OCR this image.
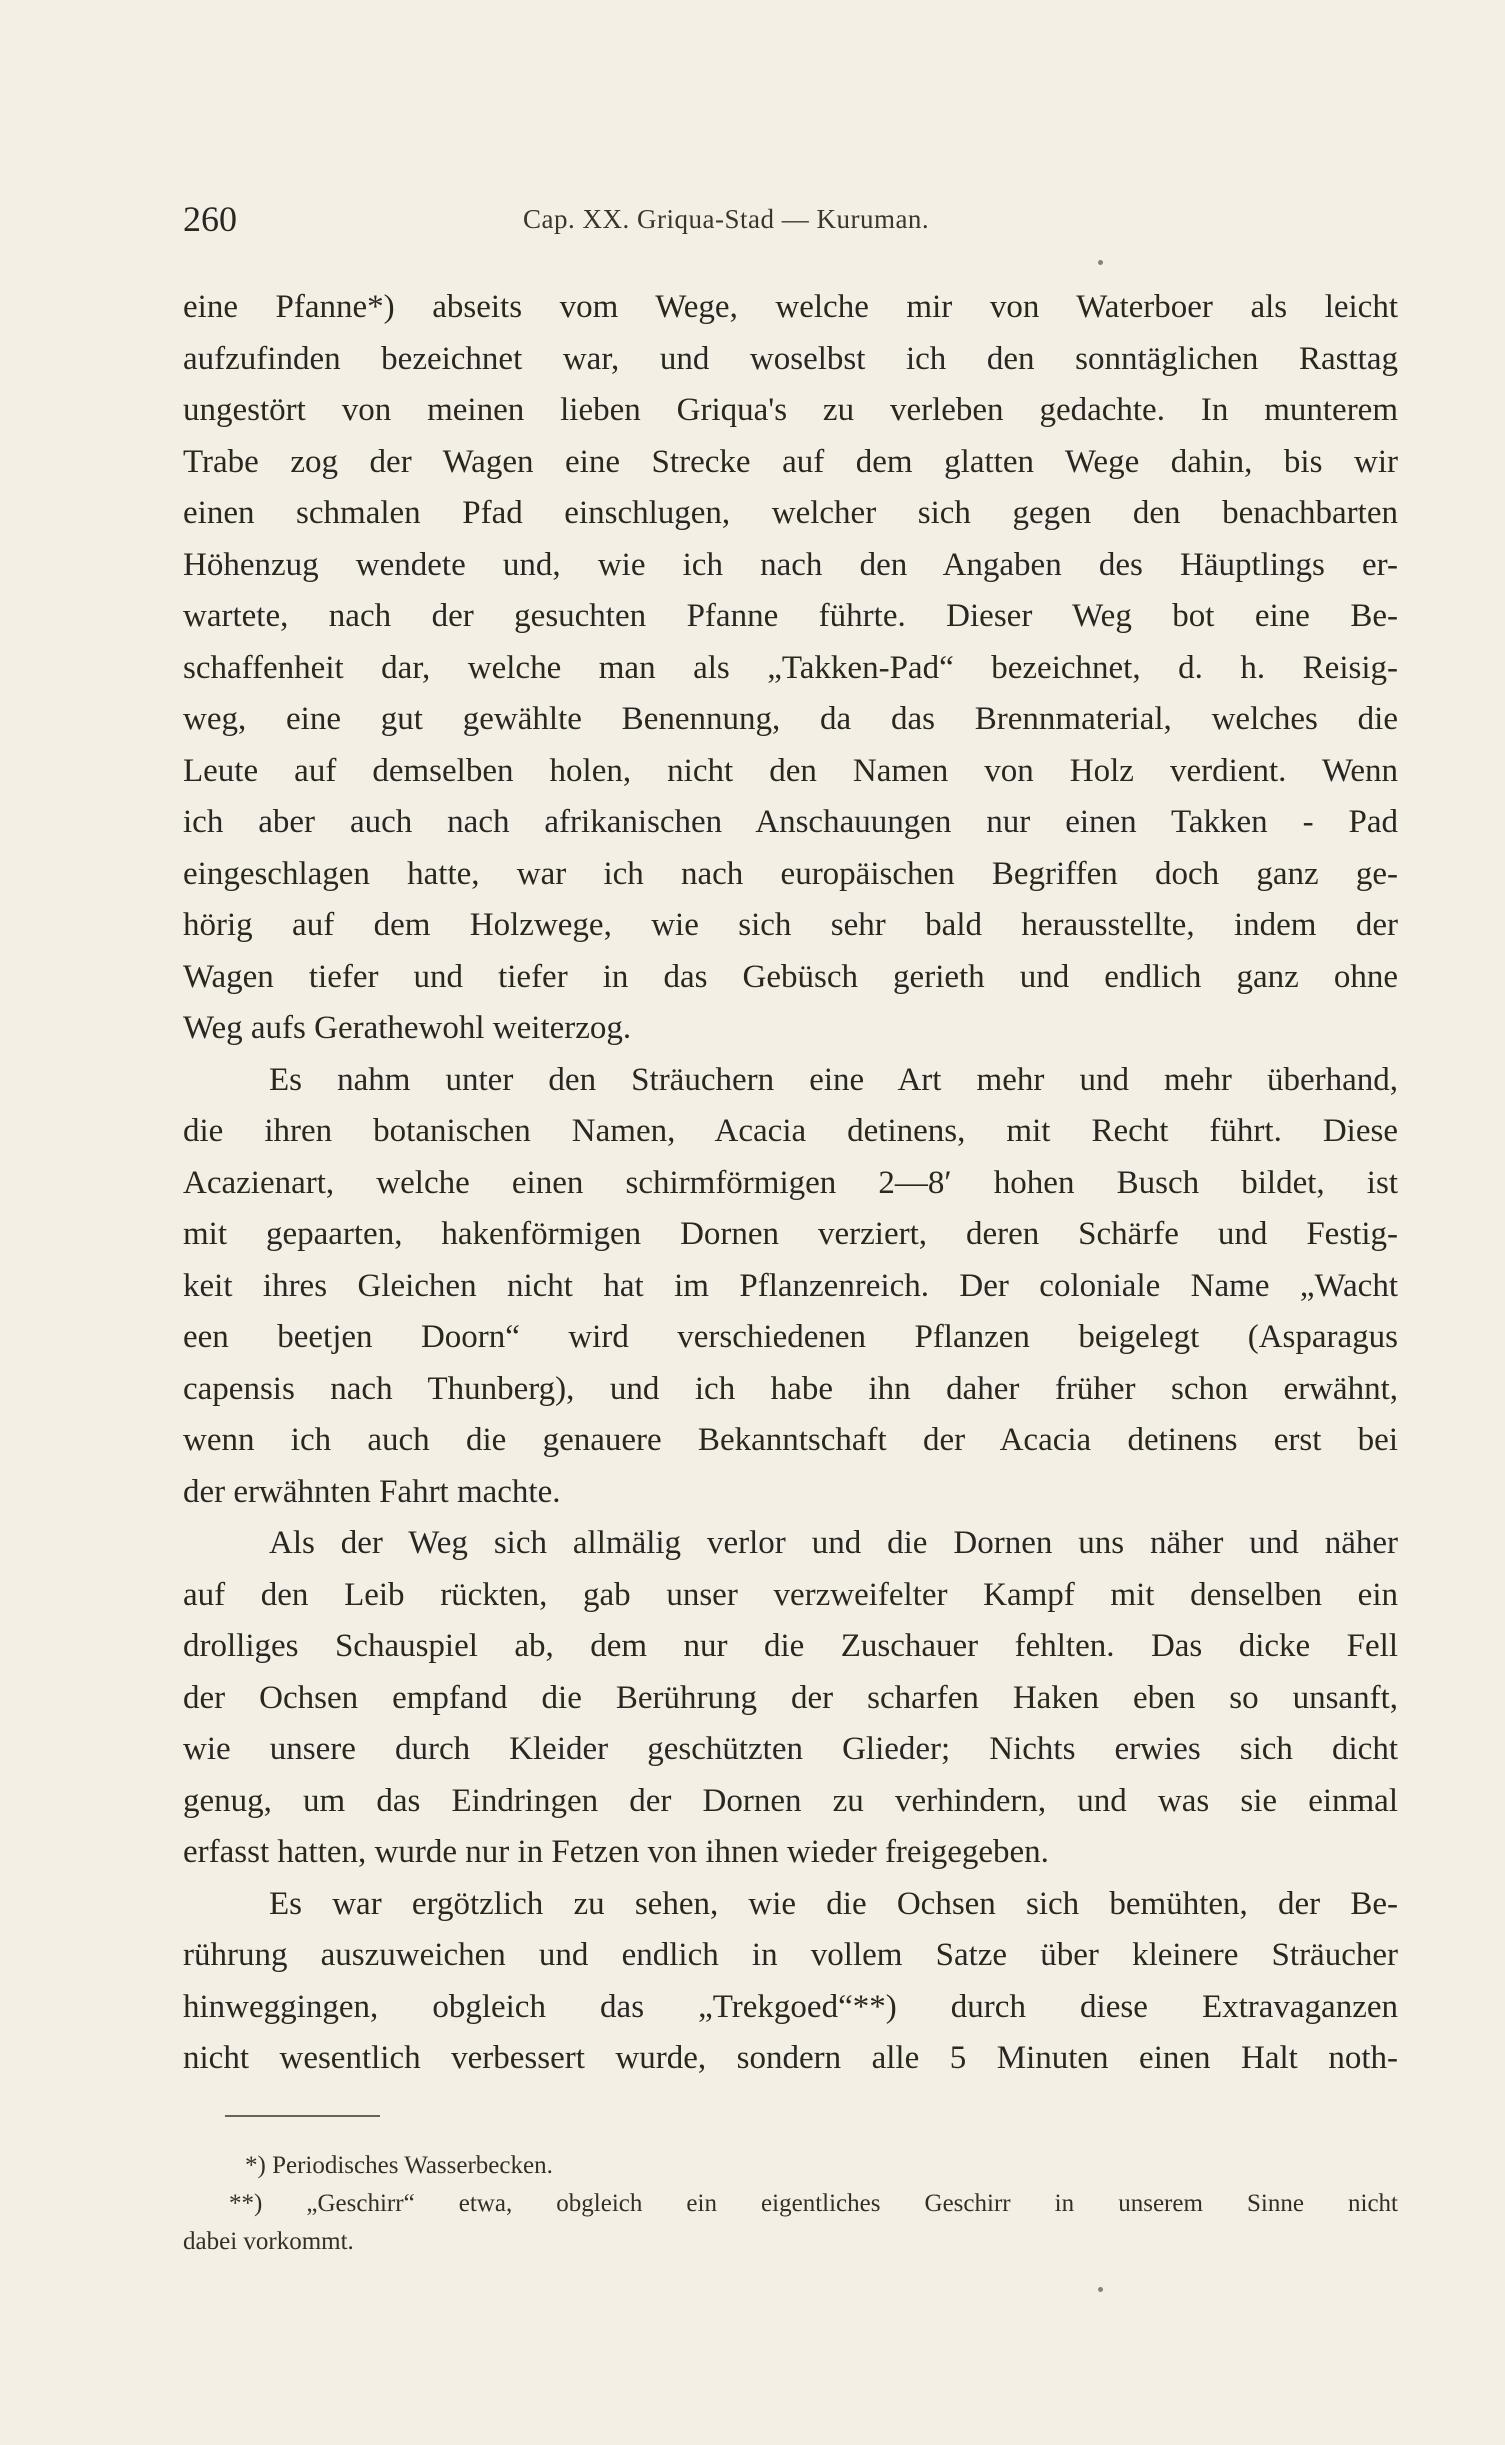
260	Cap. XX. Griqua-Stad — Kuruman.
eine Pfanne*) abseits vom Wege, welche mir von Waterboer als leicht
aufzufinden bezeichnet war, und woselbst ich den sonntäglichen Rasttag
ungestört von meinen lieben Griqua's zu verleben gedachte. In munterem
Trabe zog der Wagen eine Strecke auf dem glatten Wege dahin, bis wir
einen schmalen Pfad einschlugen, welcher sich gegen den benachbarten
Höhenzug wendete und, wie ich nach den Angaben des Häuptlings er-
wartete, nach der gesuchten Pfanne führte. Dieser Weg bot eine Be-
schaffenheit dar, welche man als „Takken-Pad“ bezeichnet, d. h. Reisig-
weg, eine gut gewählte Benennung, da das Brennmaterial, welches die
Leute auf demselben holen, nicht den Namen von Holz verdient. Wenn
ich aber auch nach afrikanischen Anschauungen nur einen Takken - Pad
eingeschlagen hatte, war ich nach europäischen Begriffen doch ganz ge-
hörig auf dem Holzwege, wie sich sehr bald herausstellte, indem der
Wagen tiefer und tiefer in das Gebüsch gerieth und endlich ganz ohne
Weg aufs Gerathewohl weiterzog.
Es nahm unter den Sträuchern eine Art mehr und mehr überhand,
die ihren botanischen Namen, Acacia detinens, mit Recht führt. Diese
Acazienart, welche einen schirmförmigen 2—8′ hohen Busch bildet, ist
mit gepaarten, hakenförmigen Dornen verziert, deren Schärfe und Festig-
keit ihres Gleichen nicht hat im Pflanzenreich. Der coloniale Name „Wacht
een beetjen Doorn“ wird verschiedenen Pflanzen beigelegt (Asparagus
capensis nach Thunberg), und ich habe ihn daher früher schon erwähnt,
wenn ich auch die genauere Bekanntschaft der Acacia detinens erst bei
der erwähnten Fahrt machte.
Als der Weg sich allmälig verlor und die Dornen uns näher und näher
auf den Leib rückten, gab unser verzweifelter Kampf mit denselben ein
drolliges Schauspiel ab, dem nur die Zuschauer fehlten. Das dicke Fell
der Ochsen empfand die Berührung der scharfen Haken eben so unsanft,
wie unsere durch Kleider geschützten Glieder; Nichts erwies sich dicht
genug, um das Eindringen der Dornen zu verhindern, und was sie einmal
erfasst hatten, wurde nur in Fetzen von ihnen wieder freigegeben.
Es war ergötzlich zu sehen, wie die Ochsen sich bemühten, der Be-
rührung auszuweichen und endlich in vollem Satze über kleinere Sträucher
hinweggingen, obgleich das „Trekgoed“**) durch diese Extravaganzen
nicht wesentlich verbessert wurde, sondern alle 5 Minuten einen Halt noth-
*) Periodisches Wasserbecken.
**) „Geschirr“ etwa, obgleich ein eigentliches Geschirr in unserem Sinne nicht
dabei vorkommt.
